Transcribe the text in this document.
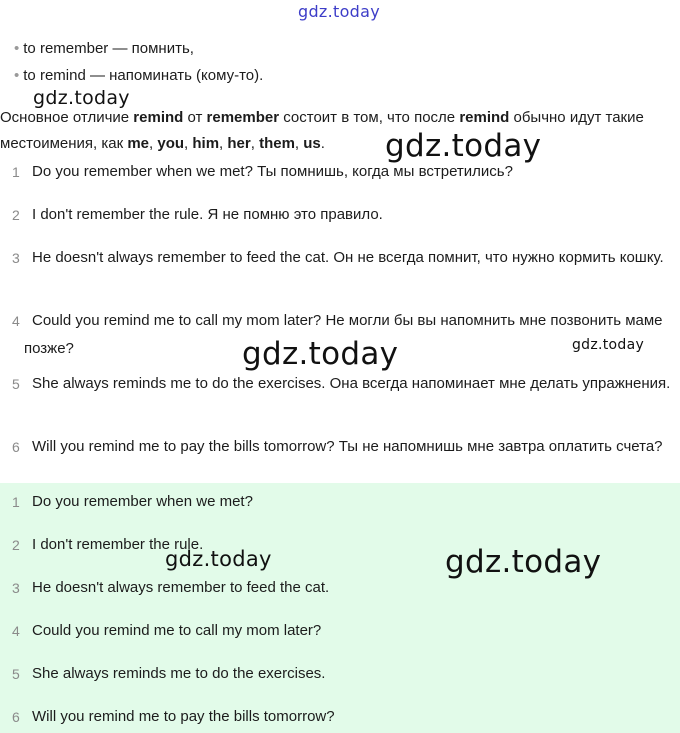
gdz.today
• to remember — помнить,
• to remind — напоминать (кому-то).
Основное отличие remind от remember состоит в том, что после remind обычно идут такие местоимения, как me, you, him, her, them, us.
1 Do you remember when we met? Ты помнишь, когда мы встретились?
2 I don't remember the rule. Я не помню это правило.
3 He doesn't always remember to feed the cat. Он не всегда помнит, что нужно кормить кошку.
4 Could you remind me to call my mom later? Не могли бы вы напомнить мне позвонить маме позже?
5 She always reminds me to do the exercises. Она всегда напоминает мне делать упражнения.
6 Will you remind me to pay the bills tomorrow? Ты не напомнишь мне завтра оплатить счета?
1 Do you remember when we met?
2 I don't remember the rule.
3 He doesn't always remember to feed the cat.
4 Could you remind me to call my mom later?
5 She always reminds me to do the exercises.
6 Will you remind me to pay the bills tomorrow?
gdz.today
gdz.today
gdz.today	gdz.today
gdz.today	gdz.today
